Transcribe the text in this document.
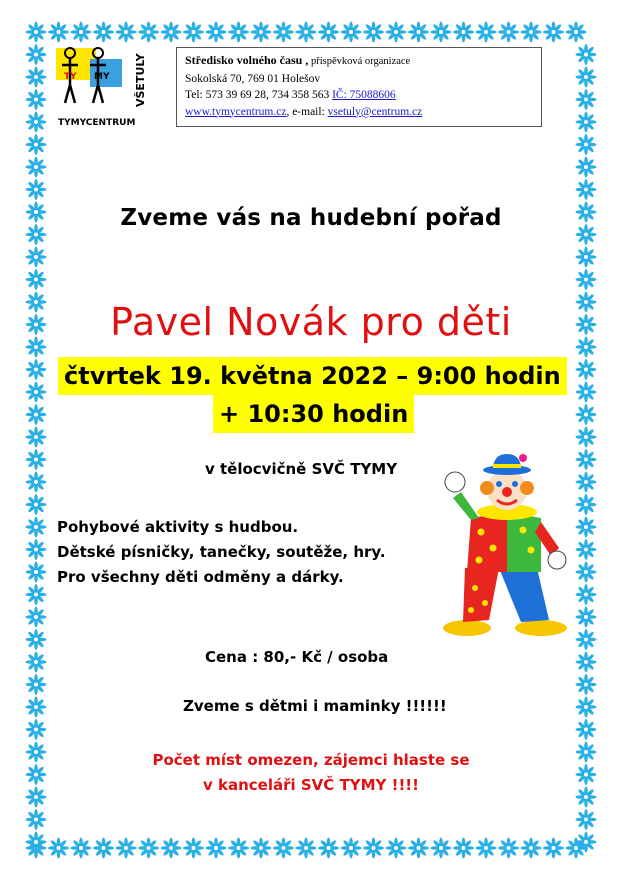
TY MY VŠETULY
TYMYCENTRUM
Středisko volného času , příspěvková organizace
Sokolská 70, 769 01 Holešov
Tel: 573 39 69 28, 734 358 563 IČ: 75088606
www.tymycentrum.cz, e-mail: vsetuly@centrum.cz
Zveme vás na hudební pořad
Pavel Novák pro děti
čtvrtek 19. května 2022 – 9:00 hodin
+ 10:30 hodin
v tělocvičně SVČ TYMY
Pohybové aktivity s hudbou.
Dětské písničky, tanečky, soutěže, hry.
Pro všechny děti odměny a dárky.
Cena : 80,- Kč / osoba
Zveme s dětmi i maminky !!!!!!
Počet míst omezen, zájemci hlaste se
v kanceláři SVČ TYMY !!!!
